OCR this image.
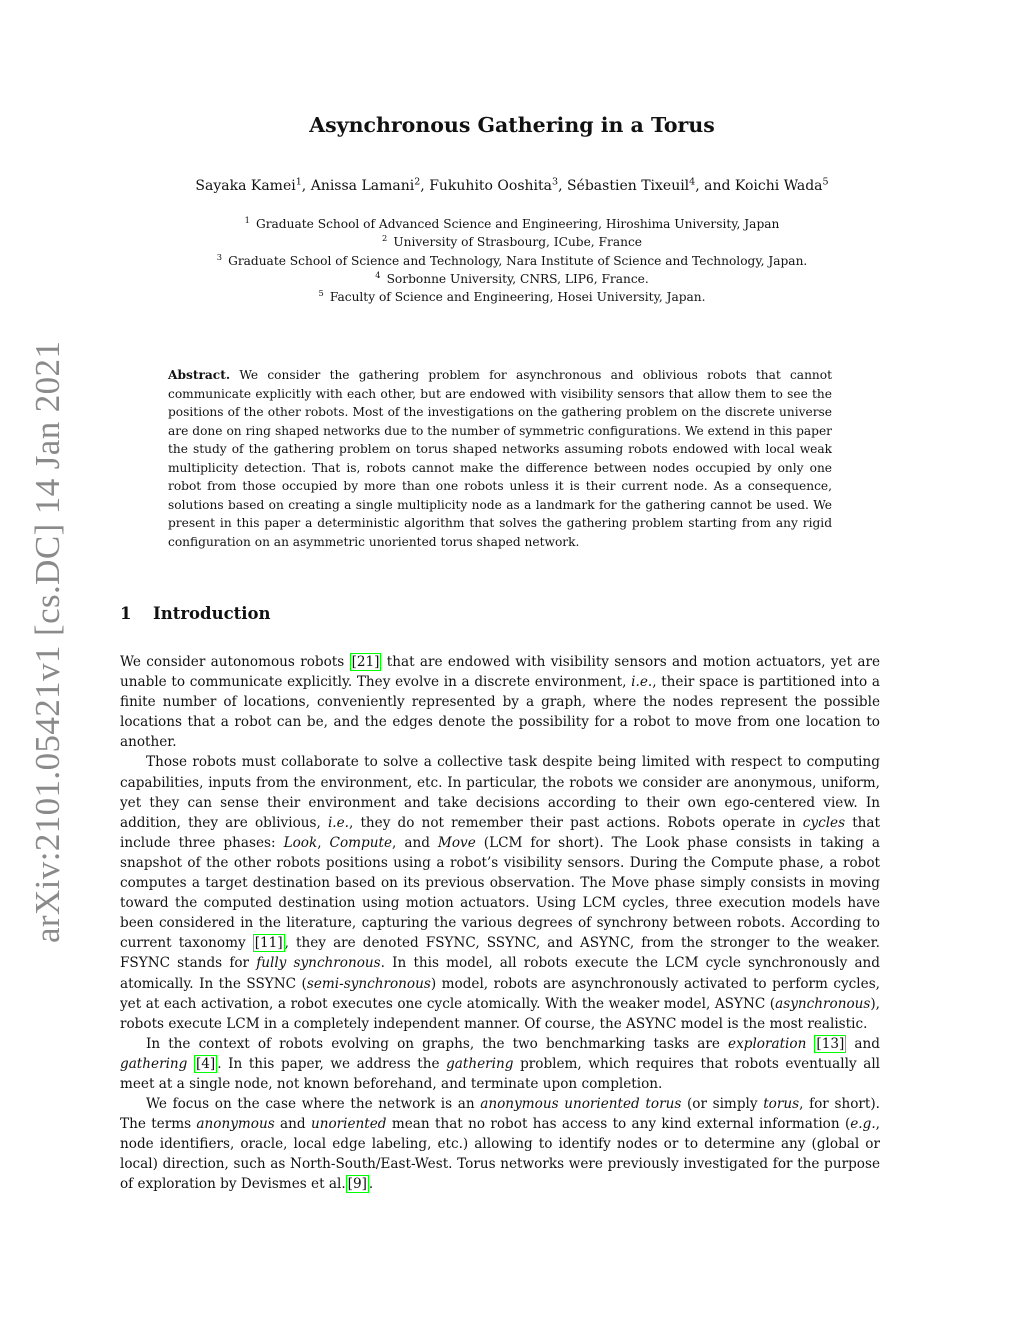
arXiv:2101.05421v1 [cs.DC] 14 Jan 2021
Asynchronous Gathering in a Torus
Sayaka Kamei$^1$, Anissa Lamani$^2$, Fukuhito Ooshita$^3$, Sébastien Tixeuil$^4$, and Koichi Wada$^5$
$^1$  Graduate School of Advanced Science and Engineering, Hiroshima University, Japan
$^2$  University of Strasbourg, ICube, France
$^3$  Graduate School of Science and Technology, Nara Institute of Science and Technology, Japan.
$^4$  Sorbonne University, CNRS, LIP6, France.
$^5$  Faculty of Science and Engineering, Hosei University, Japan.
Abstract. We consider the gathering problem for asynchronous and oblivious robots that cannot communicate explicitly with each other, but are endowed with visibility sensors that allow them to see the positions of the other robots. Most of the investigations on the gathering problem on the discrete universe are done on ring shaped networks due to the number of symmetric configurations. We extend in this paper the study of the gathering problem on torus shaped networks assuming robots endowed with local weak multiplicity detection. That is, robots cannot make the difference between nodes occupied by only one robot from those occupied by more than one robots unless it is their current node. As a consequence, solutions based on creating a single multiplicity node as a landmark for the gathering cannot be used. We present in this paper a deterministic algorithm that solves the gathering problem starting from any rigid configuration on an asymmetric unoriented torus shaped network.
1 Introduction

We consider autonomous robots [21] that are endowed with visibility sensors and motion actuators, yet are unable to communicate explicitly. They evolve in a discrete environment, i.e., their space is partitioned into a finite number of locations, conveniently represented by a graph, where the nodes represent the possible locations that a robot can be, and the edges denote the possibility for a robot to move from one location to another.

Those robots must collaborate to solve a collective task despite being limited with respect to computing capabilities, inputs from the environment, etc. In particular, the robots we consider are anonymous, uniform, yet they can sense their environment and take decisions according to their own ego-centered view. In addition, they are oblivious, i.e., they do not remember their past actions. Robots operate in cycles that include three phases: Look, Compute, and Move (LCM for short). The Look phase consists in taking a snapshot of the other robots positions using a robot’s visibility sensors. During the Compute phase, a robot computes a target destination based on its previous observation. The Move phase simply consists in moving toward the computed destination using motion actuators. Using LCM cycles, three execution models have been considered in the literature, capturing the various degrees of synchrony between robots. According to current taxonomy [11] , they are denoted FSYNC, SSYNC, and ASYNC, from the stronger to the weaker. FSYNC stands for fully synchronous. In this model, all robots execute the LCM cycle synchronously and atomically. In the SSYNC (semi-synchronous) model, robots are asynchronously activated to perform cycles, yet at each activation, a robot executes one cycle atomically. With the weaker model, ASYNC (asynchronous), robots execute LCM in a completely independent manner. Of course, the ASYNC model is the most realistic.

In the context of robots evolving on graphs, the two benchmarking tasks are exploration [13] and gathering [4] . In this paper, we address the gathering problem, which requires that robots eventually all meet at a single node, not known beforehand, and terminate upon completion.

We focus on the case where the network is an anonymous unoriented torus (or simply torus, for short). The terms anonymous and unoriented mean that no robot has access to any kind external information (e.g., node identifiers, oracle, local edge labeling, etc.) allowing to identify nodes or to determine any (global or local) direction, such as North-South/East-West. Torus networks were previously investigated for the purpose of exploration by Devismes et al. [9] .
